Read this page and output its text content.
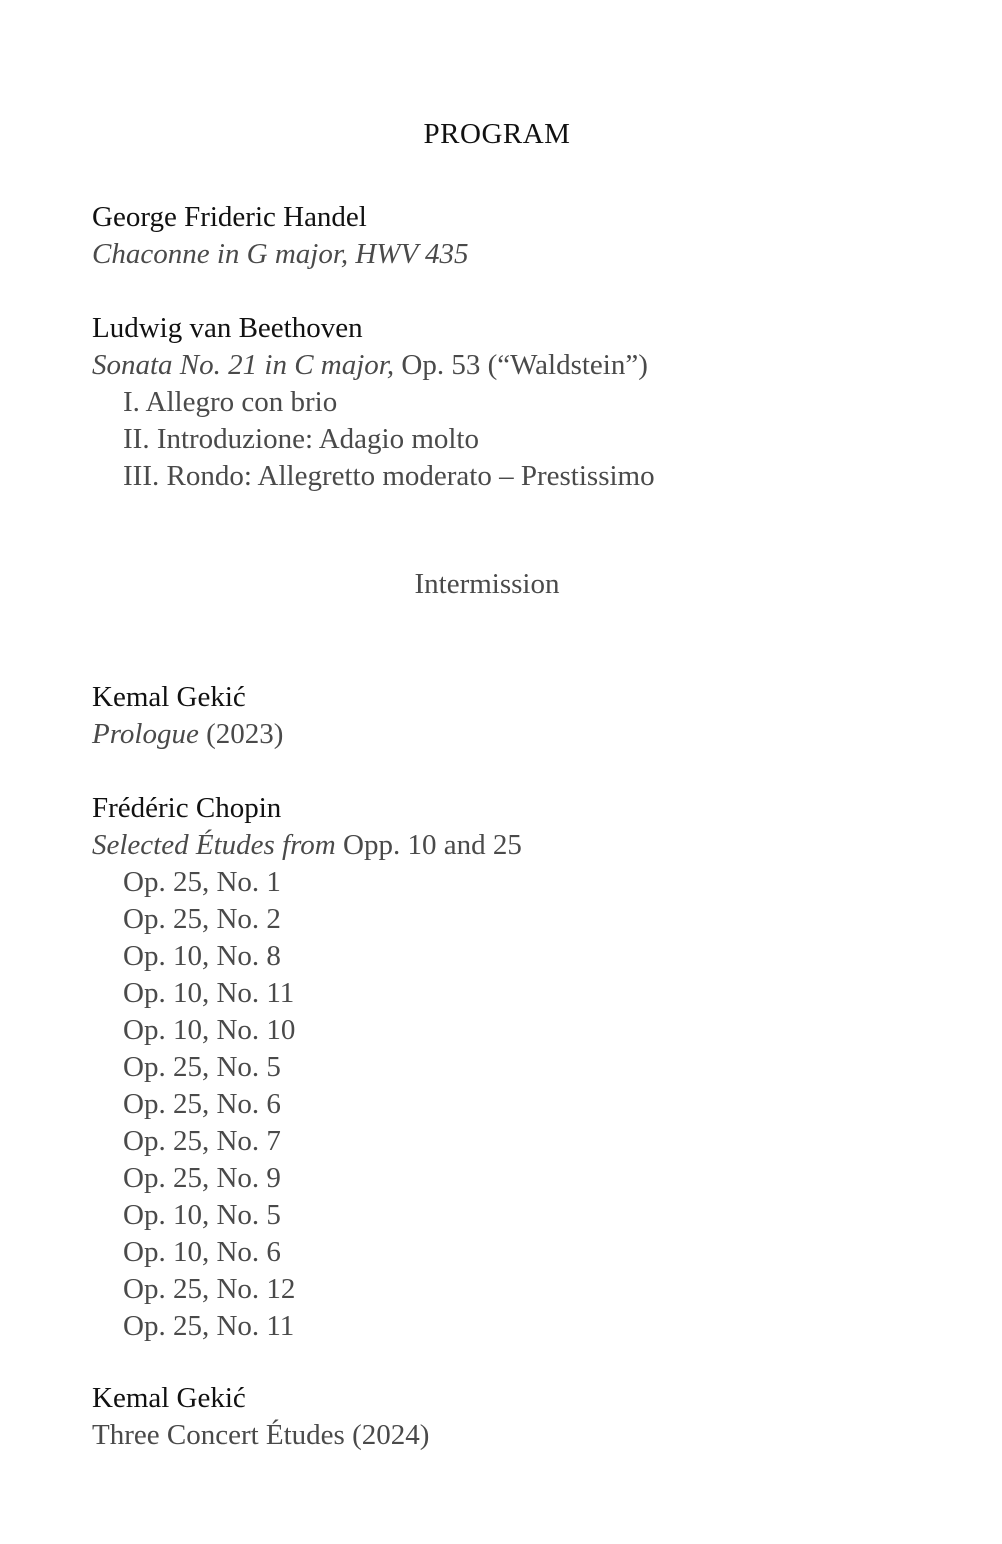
PROGRAM
George Frideric Handel
Chaconne in G major, HWV 435
Ludwig van Beethoven
Sonata No. 21 in C major, Op. 53 (“Waldstein”)
I. Allegro con brio
II. Introduzione: Adagio molto
III. Rondo: Allegretto moderato – Prestissimo
Intermission
Kemal Gekić
Prologue (2023)
Frédéric Chopin
Selected Études from Opp. 10 and 25
Op. 25, No. 1
Op. 25, No. 2
Op. 10, No. 8
Op. 10, No. 11
Op. 10, No. 10
Op. 25, No. 5
Op. 25, No. 6
Op. 25, No. 7
Op. 25, No. 9
Op. 10, No. 5
Op. 10, No. 6
Op. 25, No. 12
Op. 25, No. 11
Kemal Gekić
Three Concert Études (2024)
